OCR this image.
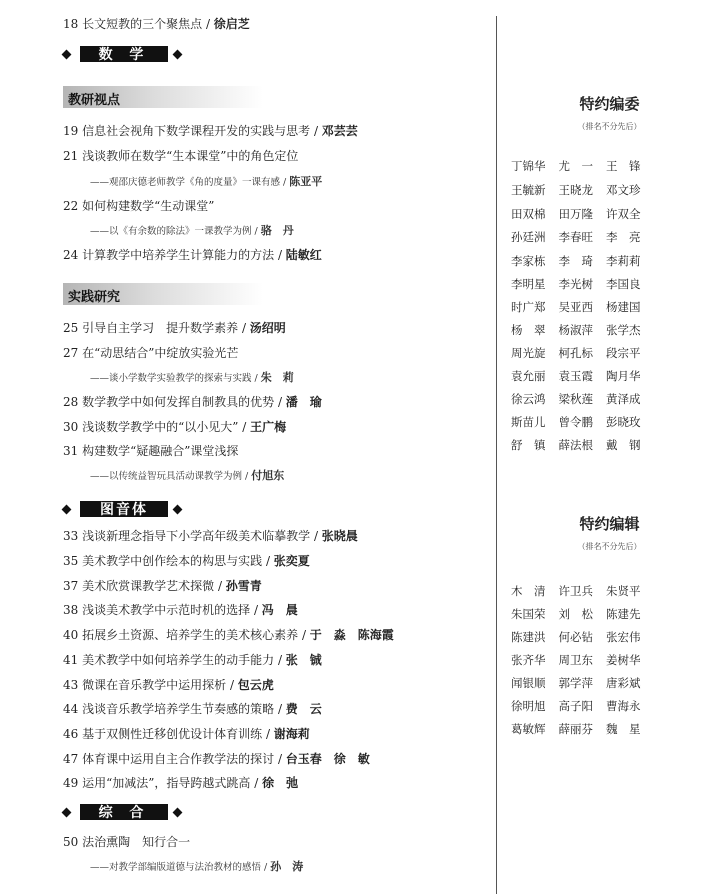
18 长文短教的三个聚焦点 / 徐启芝
数 学
教研视点
19 信息社会视角下数学课程开发的实践与思考 / 邓芸芸
21 浅谈教师在数学“生本课堂”中的角色定位
——观邵庆德老师教学《角的度量》一课有感 / 陈亚平
22 如何构建数学“生动课堂”
——以《有余数的除法》一课教学为例 / 骆　丹
24 计算教学中培养学生计算能力的方法 / 陆敏红
实践研究
25 引导自主学习　提升数学素养 / 汤绍明
27 在“动思结合”中绽放实验光芒
——谈小学数学实验教学的探索与实践 / 朱　莉
28 数学教学中如何发挥自制教具的优势 / 潘　瑜
30 浅谈数学教学中的“以小见大” / 王广梅
31 构建数学“疑趣融合”课堂浅探
——以传统益智玩具活动课教学为例 / 付旭东
图音体
33 浅谈新理念指导下小学高年级美术临摹教学 / 张晓晨
35 美术教学中创作绘本的构思与实践 / 张奕夏
37 美术欣赏课教学艺术探微 / 孙雪青
38 浅谈美术教学中示范时机的选择 / 冯　晨
40 拓展乡土资源、培养学生的美术核心素养 / 于　淼　陈海霞
41 美术教学中如何培养学生的动手能力 / 张　铖
43 微课在音乐教学中运用探析 / 包云虎
44 浅谈音乐教学培养学生节奏感的策略 / 费　云
46 基于双侧性迁移创优设计体育训练 / 谢海莉
47 体育课中运用自主合作教学法的探讨 / 台玉春　徐　敏
49 运用“加减法”，指导跨越式跳高 / 徐　弛
综 合
50 法治熏陶　知行合一
——对教学部编版道德与法治教材的感悟 / 孙　涛
特约编委
（排名不分先后）
丁锦华	尤　一	王　锋
王毓新	王晓龙	邓文珍
田双棉	田万隆	许双全
孙廷洲	李春旺	李　亮
李家栋	李　琦	李莉莉
李明星	李光树	李国良
时广郑	吴亚西	杨建国
杨　翠	杨淑萍	张学杰
周光旋	柯孔标	段宗平
袁允丽	袁玉霞	陶月华
徐云鸿	梁秋莲	黄泽成
斯苗儿	曾令鹏	彭晓玫
舒　镇	薛法根	戴　钢
特约编辑
（排名不分先后）
木　清	许卫兵	朱贤平
朱国荣	刘　松	陈建先
陈建洪	何必钻	张宏伟
张齐华	周卫东	姜树华
闻银顺	郭学萍	唐彩斌
徐明旭	高子阳	曹海永
葛敏辉	薛丽芬	魏　星
